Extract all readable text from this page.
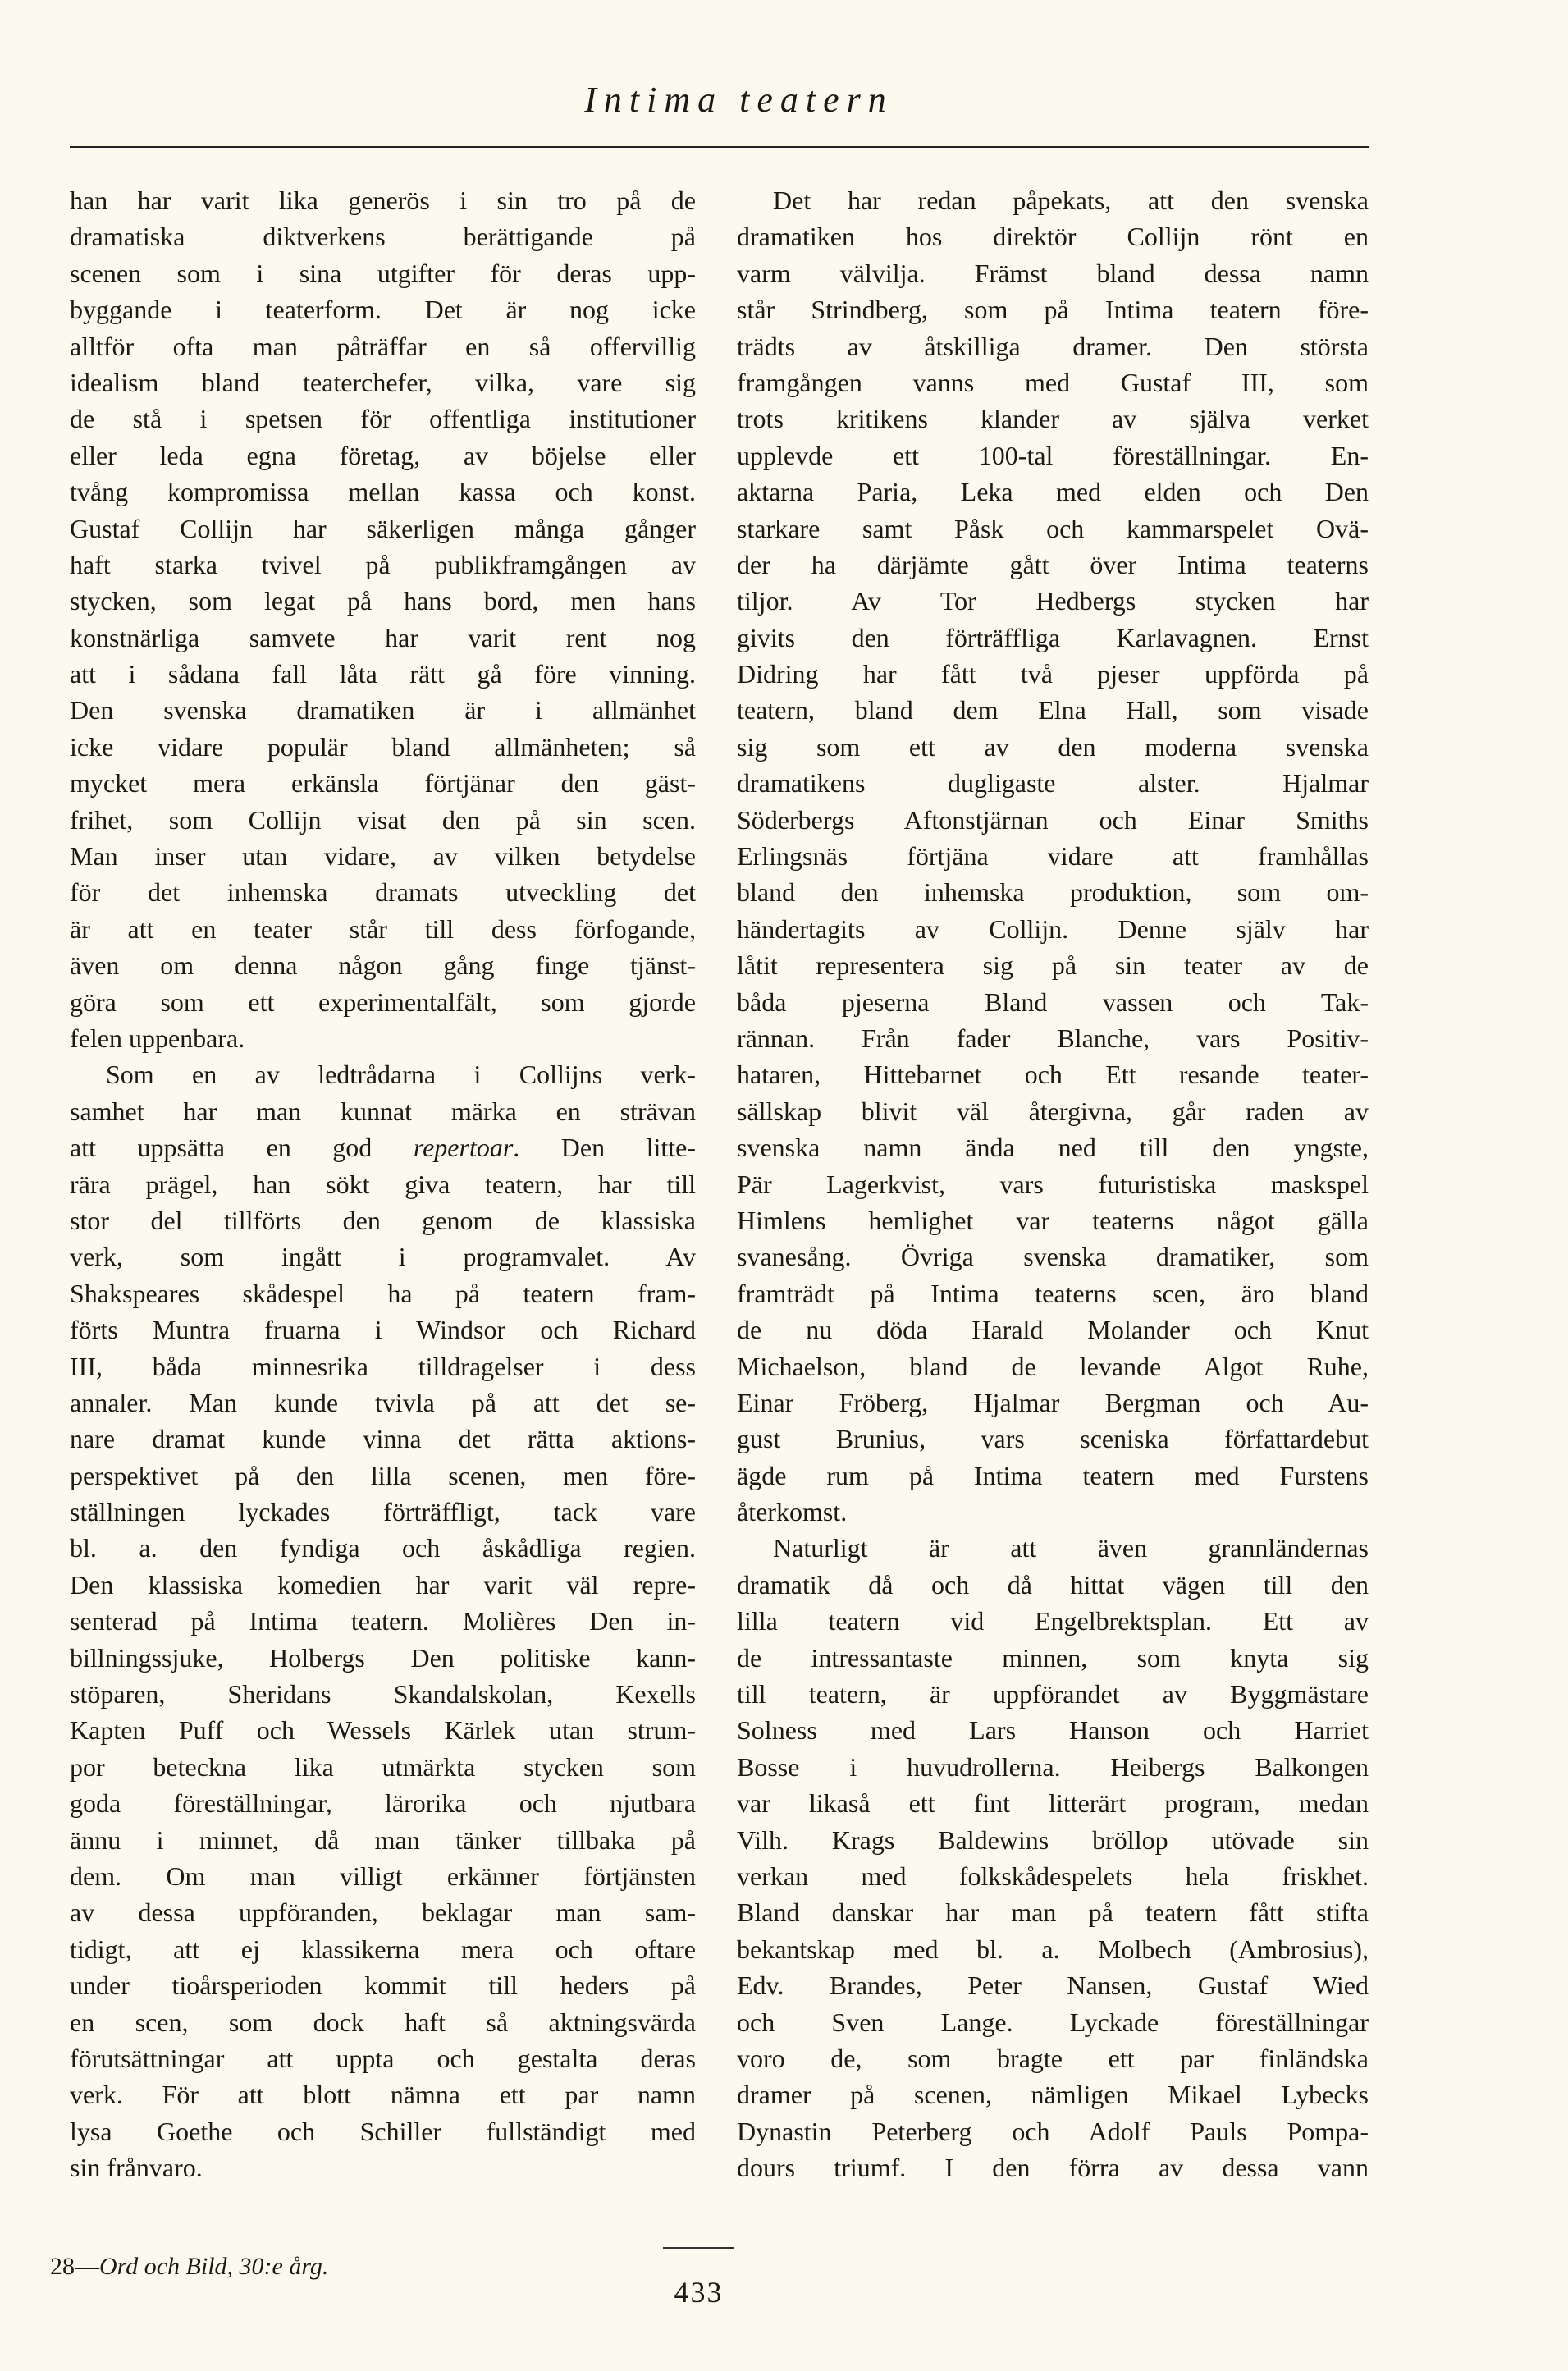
Intima teatern
han har varit lika generös i sin tro på de
dramatiska diktverkens berättigande på
scenen som i sina utgifter för deras upp-
byggande i teaterform. Det är nog icke
alltför ofta man påträffar en så offervillig
idealism bland teaterchefer, vilka, vare sig
de stå i spetsen för offentliga institutioner
eller leda egna företag, av böjelse eller
tvång kompromissa mellan kassa och konst.
Gustaf Collijn har säkerligen många gånger
haft starka tvivel på publikframgången av
stycken, som legat på hans bord, men hans
konstnärliga samvete har varit rent nog
att i sådana fall låta rätt gå före vinning.
Den svenska dramatiken är i allmänhet
icke vidare populär bland allmänheten; så
mycket mera erkänsla förtjänar den gäst-
frihet, som Collijn visat den på sin scen.
Man inser utan vidare, av vilken betydelse
för det inhemska dramats utveckling det
är att en teater står till dess förfogande,
även om denna någon gång finge tjänst-
göra som ett experimentalfält, som gjorde
felen uppenbara.
Som en av ledtrådarna i Collijns verk-
samhet har man kunnat märka en strävan
att uppsätta en god repertoar. Den litte-
rära prägel, han sökt giva teatern, har till
stor del tillförts den genom de klassiska
verk, som ingått i programvalet. Av
Shakspeares skådespel ha på teatern fram-
förts Muntra fruarna i Windsor och Richard
III, båda minnesrika tilldragelser i dess
annaler. Man kunde tvivla på att det se-
nare dramat kunde vinna det rätta aktions-
perspektivet på den lilla scenen, men före-
ställningen lyckades förträffligt, tack vare
bl. a. den fyndiga och åskådliga regien.
Den klassiska komedien har varit väl repre-
senterad på Intima teatern. Molières Den in-
billningssjuke, Holbergs Den politiske kann-
stöparen, Sheridans Skandalskolan, Kexells
Kapten Puff och Wessels Kärlek utan strum-
por beteckna lika utmärkta stycken som
goda föreställningar, lärorika och njutbara
ännu i minnet, då man tänker tillbaka på
dem. Om man villigt erkänner förtjänsten
av dessa uppföranden, beklagar man sam-
tidigt, att ej klassikerna mera och oftare
under tioårsperioden kommit till heders på
en scen, som dock haft så aktningsvärda
förutsättningar att uppta och gestalta deras
verk. För att blott nämna ett par namn
lysa Goethe och Schiller fullständigt med
sin frånvaro.
Det har redan påpekats, att den svenska
dramatiken hos direktör Collijn rönt en
varm välvilja. Främst bland dessa namn
står Strindberg, som på Intima teatern före-
trädts av åtskilliga dramer. Den största
framgången vanns med Gustaf III, som
trots kritikens klander av själva verket
upplevde ett 100-tal föreställningar. En-
aktarna Paria, Leka med elden och Den
starkare samt Påsk och kammarspelet Ovä-
der ha därjämte gått över Intima teaterns
tiljor. Av Tor Hedbergs stycken har
givits den förträffliga Karlavagnen. Ernst
Didring har fått två pjeser uppförda på
teatern, bland dem Elna Hall, som visade
sig som ett av den moderna svenska
dramatikens dugligaste alster. Hjalmar
Söderbergs Aftonstjärnan och Einar Smiths
Erlingsnäs förtjäna vidare att framhållas
bland den inhemska produktion, som om-
händertagits av Collijn. Denne själv har
låtit representera sig på sin teater av de
båda pjeserna Bland vassen och Tak-
rännan. Från fader Blanche, vars Positiv-
hataren, Hittebarnet och Ett resande teater-
sällskap blivit väl återgivna, går raden av
svenska namn ända ned till den yngste,
Pär Lagerkvist, vars futuristiska maskspel
Himlens hemlighet var teaterns något gälla
svanesång. Övriga svenska dramatiker, som
framträdt på Intima teaterns scen, äro bland
de nu döda Harald Molander och Knut
Michaelson, bland de levande Algot Ruhe,
Einar Fröberg, Hjalmar Bergman och Au-
gust Brunius, vars sceniska författardebut
ägde rum på Intima teatern med Furstens
återkomst.
Naturligt är att även grannländernas
dramatik då och då hittat vägen till den
lilla teatern vid Engelbrektsplan. Ett av
de intressantaste minnen, som knyta sig
till teatern, är uppförandet av Byggmästare
Solness med Lars Hanson och Harriet
Bosse i huvudrollerna. Heibergs Balkongen
var likaså ett fint litterärt program, medan
Vilh. Krags Baldewins bröllop utövade sin
verkan med folkskådespelets hela friskhet.
Bland danskar har man på teatern fått stifta
bekantskap med bl. a. Molbech (Ambrosius),
Edv. Brandes, Peter Nansen, Gustaf Wied
och Sven Lange. Lyckade föreställningar
voro de, som bragte ett par finländska
dramer på scenen, nämligen Mikael Lybecks
Dynastin Peterberg och Adolf Pauls Pompa-
dours triumf. I den förra av dessa vann
28—Ord och Bild, 30:e årg.
433
